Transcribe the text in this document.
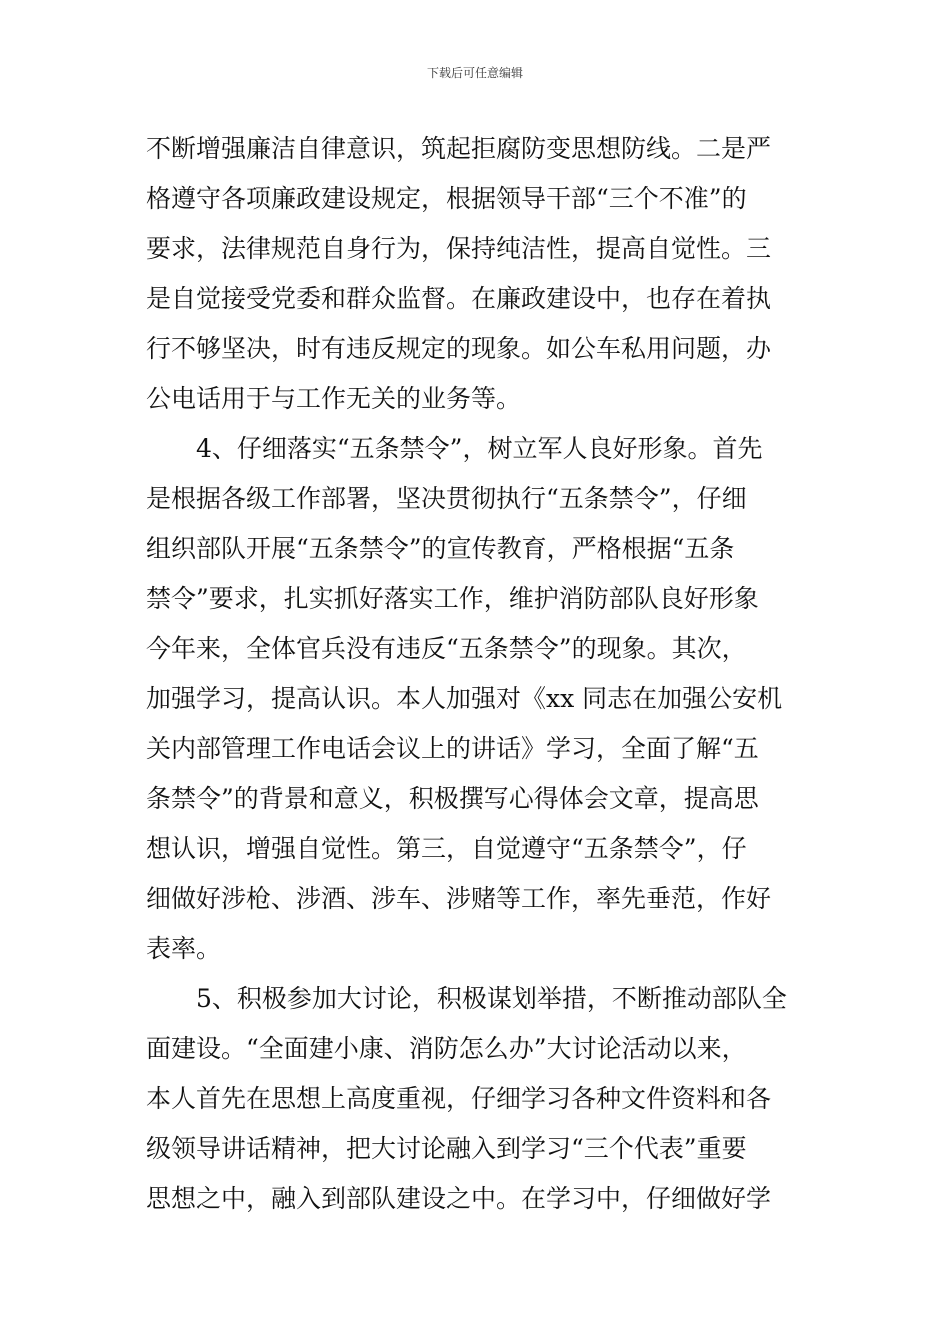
下载后可任意编辑
不断增强廉洁自律意识，筑起拒腐防变思想防线。二是严
格遵守各项廉政建设规定，根据领导干部“三个不准”的
要求，法律规范自身行为，保持纯洁性，提高自觉性。三
是自觉接受党委和群众监督。在廉政建设中，也存在着执
行不够坚决，时有违反规定的现象。如公车私用问题，办
公电话用于与工作无关的业务等。
4、仔细落实“五条禁令”，树立军人良好形象。首先
是根据各级工作部署，坚决贯彻执行“五条禁令”，仔细
组织部队开展“五条禁令”的宣传教育，严格根据“五条
禁令”要求，扎实抓好落实工作，维护消防部队良好形象
今年来，全体官兵没有违反“五条禁令”的现象。其次，
加强学习，提高认识。本人加强对《xx 同志在加强公安机
关内部管理工作电话会议上的讲话》学习，全面了解“五
条禁令”的背景和意义，积极撰写心得体会文章，提高思
想认识，增强自觉性。第三，自觉遵守“五条禁令”，仔
细做好涉枪、涉酒、涉车、涉赌等工作，率先垂范，作好
表率。
5、积极参加大讨论，积极谋划举措，不断推动部队全
面建设。“全面建小康、消防怎么办”大讨论活动以来，
本人首先在思想上高度重视，仔细学习各种文件资料和各
级领导讲话精神，把大讨论融入到学习“三个代表”重要
思想之中，融入到部队建设之中。在学习中，仔细做好学
